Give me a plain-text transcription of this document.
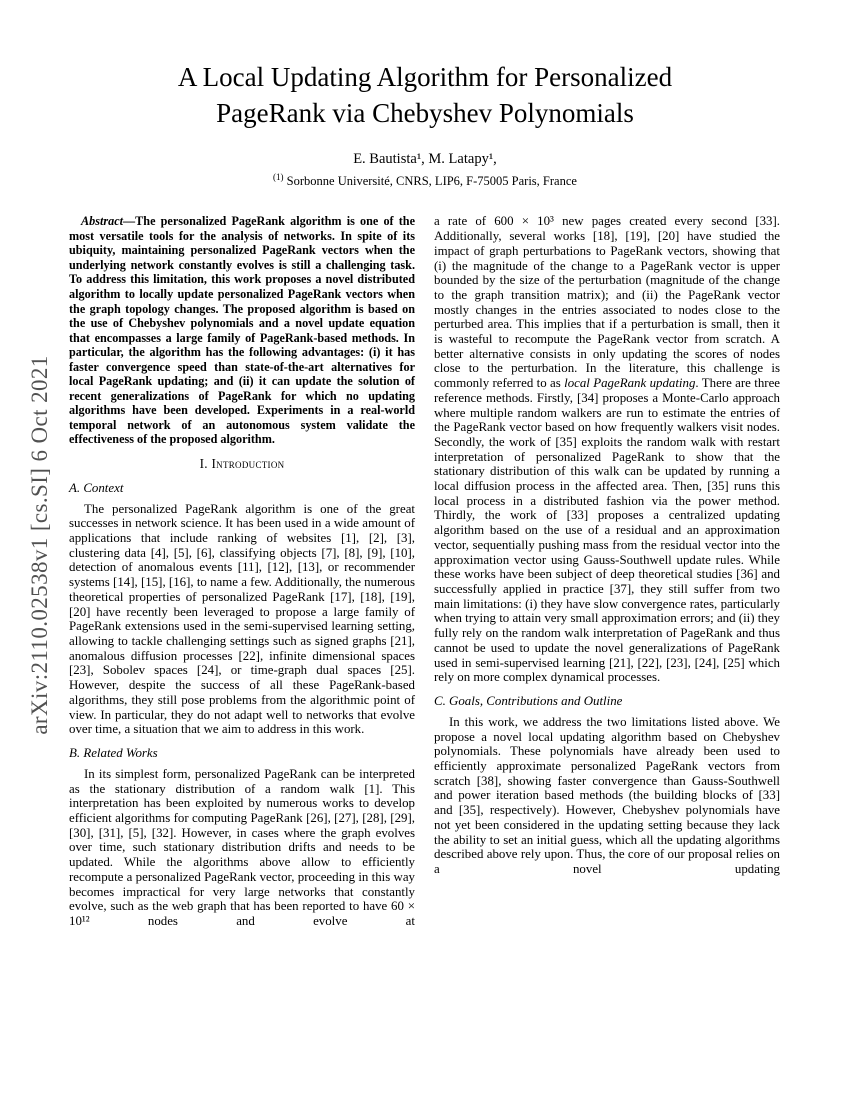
arXiv:2110.02538v1 [cs.SI] 6 Oct 2021
A Local Updating Algorithm for Personalized
PageRank via Chebyshev Polynomials
E. Bautista¹, M. Latapy¹,
$^{(1)}$ Sorbonne Université, CNRS, LIP6, F-75005 Paris, France

Abstract—The personalized PageRank algorithm is one of the most versatile tools for the analysis of networks. In spite of its ubiquity, maintaining personalized PageRank vectors when the underlying network constantly evolves is still a challenging task. To address this limitation, this work proposes a novel distributed algorithm to locally update personalized PageRank vectors when the graph topology changes. The proposed algorithm is based on the use of Chebyshev polynomials and a novel update equation that encompasses a large family of PageRank-based methods. In particular, the algorithm has the following advantages: (i) it has faster convergence speed than state-of-the-art alternatives for local PageRank updating; and (ii) it can update the solution of recent generalizations of PageRank for which no updating algorithms have been developed. Experiments in a real-world temporal network of an autonomous system validate the effectiveness of the proposed algorithm.

I. Introduction
A. Context

The personalized PageRank algorithm is one of the great successes in network science. It has been used in a wide amount of applications that include ranking of websites [1], [2], [3], clustering data [4], [5], [6], classifying objects [7], [8], [9], [10], detection of anomalous events [11], [12], [13], or recommender systems [14], [15], [16], to name a few. Additionally, the numerous theoretical properties of personalized PageRank [17], [18], [19], [20] have recently been leveraged to propose a large family of PageRank extensions used in the semi-supervised learning setting, allowing to tackle challenging settings such as signed graphs [21], anomalous diffusion processes [22], infinite dimensional spaces [23], Sobolev spaces [24], or time-graph dual spaces [25]. However, despite the success of all these PageRank-based algorithms, they still pose problems from the algorithmic point of view. In particular, they do not adapt well to networks that evolve over time, a situation that we aim to address in this work.

B. Related Works

In its simplest form, personalized PageRank can be interpreted as the stationary distribution of a random walk [1]. This interpretation has been exploited by numerous works to develop efficient algorithms for computing PageRank [26], [27], [28], [29], [30], [31], [5], [32]. However, in cases where the graph evolves over time, such stationary distribution drifts and needs to be updated. While the algorithms above allow to efficiently recompute a personalized PageRank vector, proceeding in this way becomes impractical for very large networks that constantly evolve, such as the web graph that has been reported to have 60 × 10¹² nodes and evolve at

a rate of 600 × 10³ new pages created every second [33]. Additionally, several works [18], [19], [20] have studied the impact of graph perturbations to PageRank vectors, showing that (i) the magnitude of the change to a PageRank vector is upper bounded by the size of the perturbation (magnitude of the change to the graph transition matrix); and (ii) the PageRank vector mostly changes in the entries associated to nodes close to the perturbed area. This implies that if a perturbation is small, then it is wasteful to recompute the PageRank vector from scratch. A better alternative consists in only updating the scores of nodes close to the perturbation. In the literature, this challenge is commonly referred to as local PageRank updating. There are three reference methods. Firstly, [34] proposes a Monte-Carlo approach where multiple random walkers are run to estimate the entries of the PageRank vector based on how frequently walkers visit nodes. Secondly, the work of [35] exploits the random walk with restart interpretation of personalized PageRank to show that the stationary distribution of this walk can be updated by running a local diffusion process in the affected area. Then, [35] runs this local process in a distributed fashion via the power method. Thirdly, the work of [33] proposes a centralized updating algorithm based on the use of a residual and an approximation vector, sequentially pushing mass from the residual vector into the approximation vector using Gauss-Southwell update rules. While these works have been subject of deep theoretical studies [36] and successfully applied in practice [37], they still suffer from two main limitations: (i) they have slow convergence rates, particularly when trying to attain very small approximation errors; and (ii) they fully rely on the random walk interpretation of PageRank and thus cannot be used to update the novel generalizations of PageRank used in semi-supervised learning [21], [22], [23], [24], [25] which rely on more complex dynamical processes.

C. Goals, Contributions and Outline

In this work, we address the two limitations listed above. We propose a novel local updating algorithm based on Chebyshev polynomials. These polynomials have already been used to efficiently approximate personalized PageRank vectors from scratch [38], showing faster convergence than Gauss-Southwell and power iteration based methods (the building blocks of [33] and [35], respectively). However, Chebyshev polynomials have not yet been considered in the updating setting because they lack the ability to set an initial guess, which all the updating algorithms described above rely upon. Thus, the core of our proposal relies on a novel updating
